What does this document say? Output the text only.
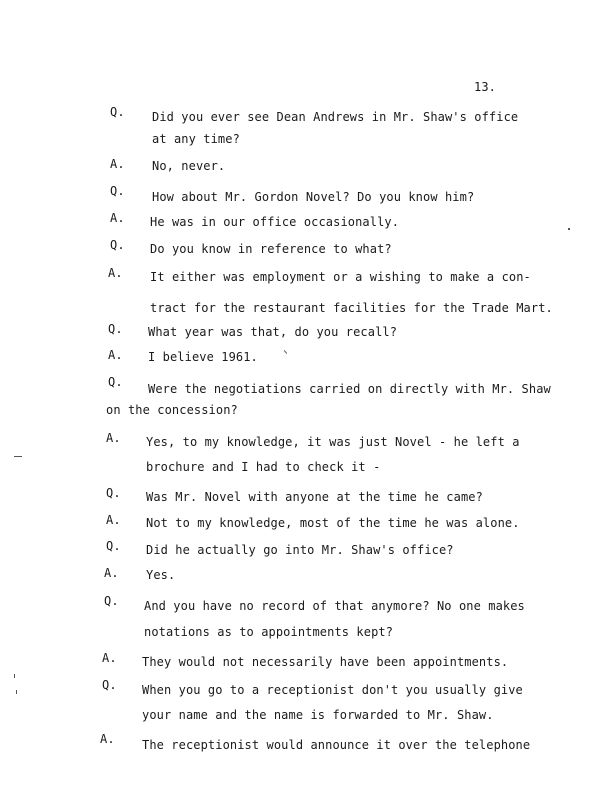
13.
Q. Did you ever see Dean Andrews in Mr. Shaw's office
at any time?
A. No, never.
Q. How about Mr. Gordon Novel? Do you know him?
A. He was in our office occasionally.
Q. Do you know in reference to what?
A. It either was employment or a wishing to make a con-
tract for the restaurant facilities for the Trade Mart.
Q. What year was that, do you recall?
A. I believe 1961.
Q. Were the negotiations carried on directly with Mr. Shaw
on the concession?
A. Yes, to my knowledge, it was just Novel - he left a
brochure and I had to check it -
Q. Was Mr. Novel with anyone at the time he came?
A. Not to my knowledge, most of the time he was alone.
Q. Did he actually go into Mr. Shaw's office?
A. Yes.
Q. And you have no record of that anymore? No one makes
notations as to appointments kept?
A. They would not necessarily have been appointments.
Q. When you go to a receptionist don't you usually give
your name and the name is forwarded to Mr. Shaw.
A. The receptionist would announce it over the telephone
